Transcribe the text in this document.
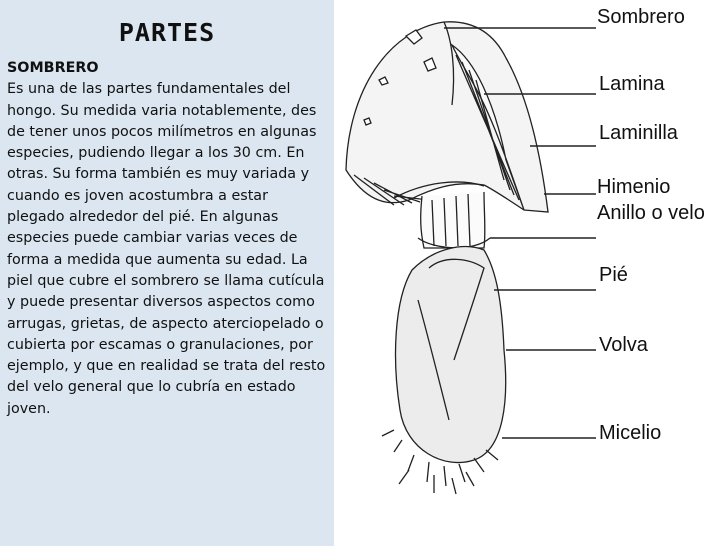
PARTES
SOMBRERO
Es una de las partes fundamentales del hongo. Su medida varia notablemente, des de tener unos pocos milímetros en algunas especies, pudiendo llegar a los 30 cm. En otras. Su forma también es muy variada y cuando es joven acostumbra a estar plegado alrededor del pié. En algunas especies puede cambiar varias veces de forma a medida que aumenta su edad. La piel que cubre el sombrero se llama cutícula y puede presentar diversos aspectos como arrugas, grietas, de aspecto aterciopelado o cubierta por escamas o granulaciones, por ejemplo, y que en realidad se trata del resto del velo general que lo cubría en estado joven.
Sombrero
Lamina
Laminilla
Himenio
Anillo o velo
Pié
Volva
Micelio
